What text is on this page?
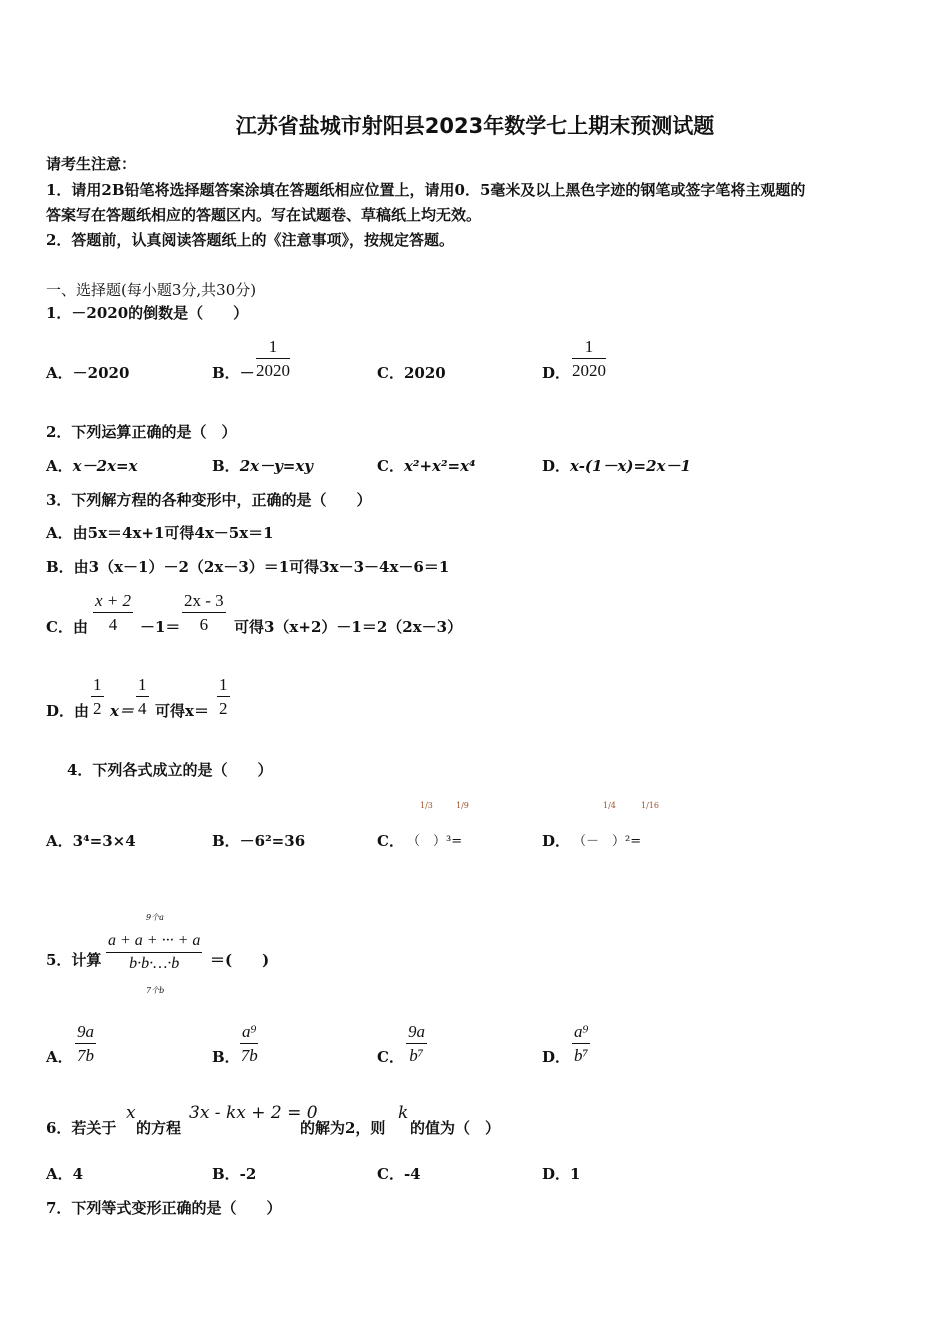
江苏省盐城市射阳县2023年数学七上期末预测试题
请考生注意：
1．请用2B铅笔将选择题答案涂填在答题纸相应位置上，请用0．5毫米及以上黑色字迹的钢笔或签字笔将主观题的
答案写在答题纸相应的答题区内。写在试题卷、草稿纸上均无效。
2．答题前，认真阅读答题纸上的《注意事项》，按规定答题。
一、选择题(每小题3分,共30分)
1．－2020的倒数是（　　）
A．－2020	B．－ $\frac{1}{2020}$	C．2020	D． $\frac{1}{2020}$
2．下列运算正确的是（　）
A．x－2x=x	B．2x－y=xy	C．x²+x²=x⁴	D．x-(1－x)=2x－1
3．下列解方程的各种变形中，正确的是（　　）
A．由5x＝4x+1可得4x－5x＝1
B．由3（x－1）－2（2x－3）＝1可得3x－3－4x－6＝1
C．由 $\frac{x + 2}{4} -1= \frac{2x - 3}{6}$ 可得3（x+2）－1＝2（2x－3）
D．由 $\frac{1}{2} x= \frac{1}{4}$ 可得$x= \frac{1}{2}$
4．下列各式成立的是（　　）
A．3⁴=3×4	B．－6²=36	C．
1/3	1/9
（　）³=	D．
1/4	1/16
（－　）²=
5．计算
9个a
$\frac{a + a + \cdot\cdot\cdot + a}{b\cdot b\cdot\dots\cdot b}$
7个b
＝(　　)
A． $\frac{9a}{7b}$	B． $\frac{\text{a⁹}}{7b}$	C． $\frac{9a}{\text{b⁷}}$	D． $\frac{\text{a⁹}}{\text{b⁷}}$
6．若关于
x
的方程
3x - kx + 2 = 0
的解为2，则
k
的值为（　）
A．4	B．-2	C．-4	D．1
7．下列等式变形正确的是（　　）
